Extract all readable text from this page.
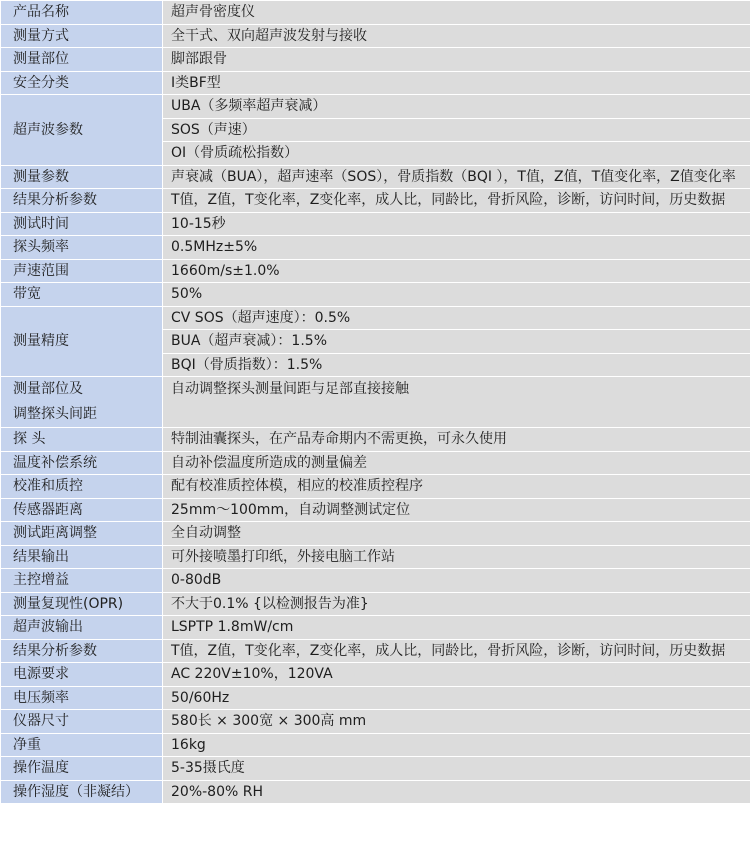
产品名称	超声骨密度仪
测量方式	全干式、双向超声波发射与接收
测量部位	脚部跟骨
安全分类	I类BF型
超声波参数	UBA（多频率超声衰减）
	SOS（声速）
	OI（骨质疏松指数）
测量参数	声衰减（BUA），超声速率（SOS），骨质指数（BQI ），T值，Z值，T值变化率，Z值变化率
结果分析参数	T值，Z值，T变化率，Z变化率，成人比，同龄比，骨折风险，诊断，访问时间，历史数据
测试时间	10-15秒
探头频率	0.5MHz±5%
声速范围	1660m/s±1.0%
带宽	50%
测量精度	CV SOS（超声速度）：0.5%
	BUA（超声衰减）：1.5%
	BQI（骨质指数）：1.5%

测量部位及
调整探头间距	自动调整探头测量间距与足部直接接触
探 头	特制油囊探头，在产品寿命期内不需更换，可永久使用
温度补偿系统	自动补偿温度所造成的测量偏差
校准和质控	配有校准质控体模，相应的校准质控程序
传感器距离	25mm～100mm，自动调整测试定位
测试距离调整	全自动调整
结果输出	可外接喷墨打印纸，外接电脑工作站
主控增益	0-80dB
测量复现性(OPR)	不大于0.1% {以检测报告为准}
超声波输出	LSPTP 1.8mW/cm
结果分析参数	T值，Z值，T变化率，Z变化率，成人比，同龄比，骨折风险，诊断，访问时间，历史数据
电源要求	AC 220V±10%，120VA
电压频率	50/60Hz
仪器尺寸	580长 × 300宽 × 300高 mm
净重	16kg
操作温度	5-35摄氏度
操作湿度（非凝结）	20%-80% RH
